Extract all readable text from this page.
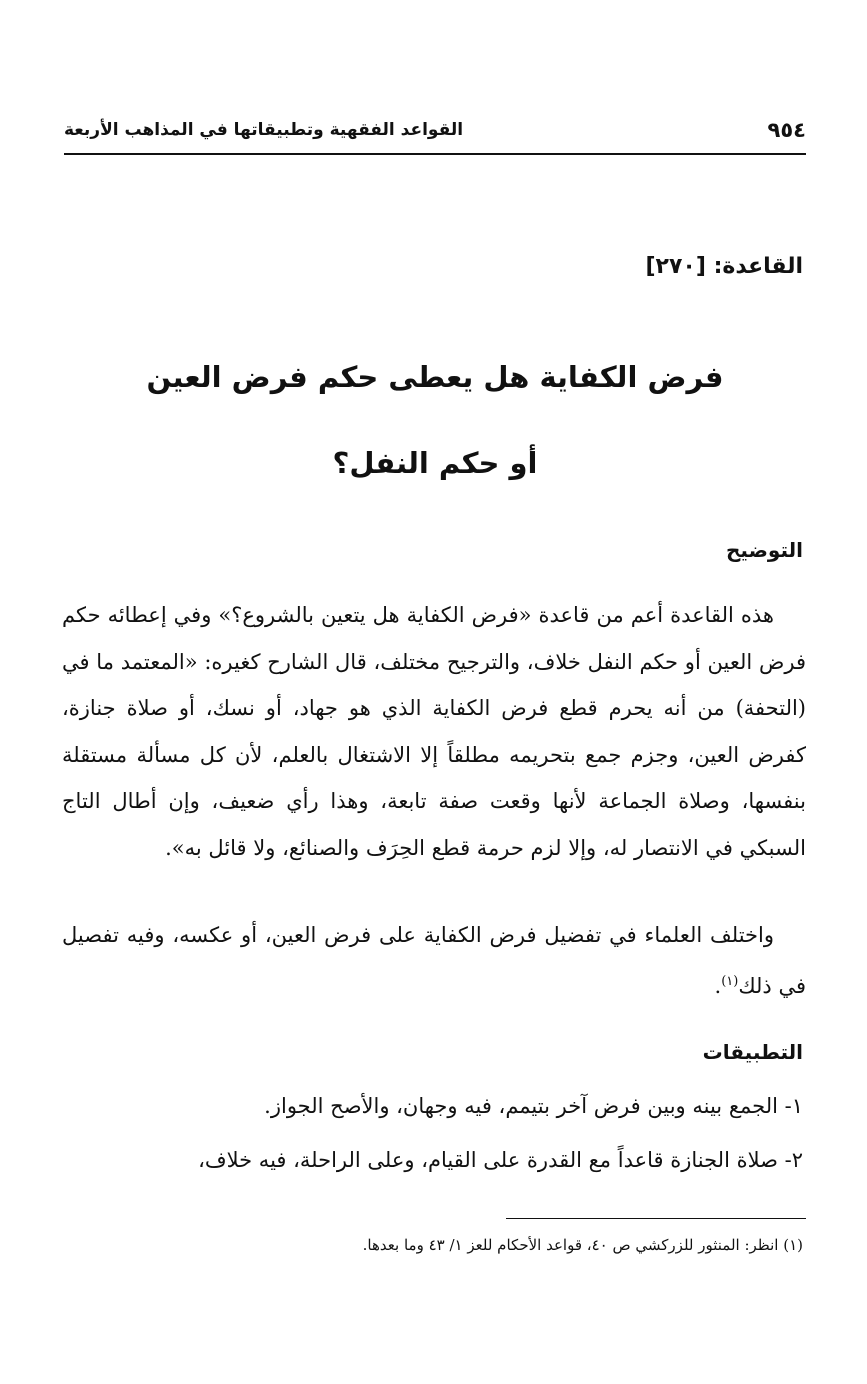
٩٥٤
القواعد الفقهية وتطبيقاتها في المذاهب الأربعة
القاعدة: [٢٧٠]
فرض الكفاية هل يعطى حكم فرض العين
أو حكم النفل؟
التوضيح
هذه القاعدة أعم من قاعدة «فرض الكفاية هل يتعين بالشروع؟» وفي إعطائه حكم فرض العين أو حكم النفل خلاف، والترجيح مختلف، قال الشارح كغيره: «المعتمد ما في (التحفة) من أنه يحرم قطع فرض الكفاية الذي هو جهاد، أو نسك، أو صلاة جنازة، كفرض العين، وجزم جمع بتحريمه مطلقاً إلا الاشتغال بالعلم، لأن كل مسألة مستقلة بنفسها، وصلاة الجماعة لأنها وقعت صفة تابعة، وهذا رأي ضعيف، وإن أطال التاج السبكي في الانتصار له، وإلا لزم حرمة قطع الحِرَف والصنائع، ولا قائل به».
واختلف العلماء في تفضيل فرض الكفاية على فرض العين، أو عكسه، وفيه تفصيل في ذلك$^{(١)}$.
التطبيقات
١- الجمع بينه وبين فرض آخر بتيمم، فيه وجهان، والأصح الجواز.
٢- صلاة الجنازة قاعداً مع القدرة على القيام، وعلى الراحلة، فيه خلاف،
(١) انظر: المنثور للزركشي ص ٤٠، قواعد الأحكام للعز ١/ ٤٣ وما بعدها.
